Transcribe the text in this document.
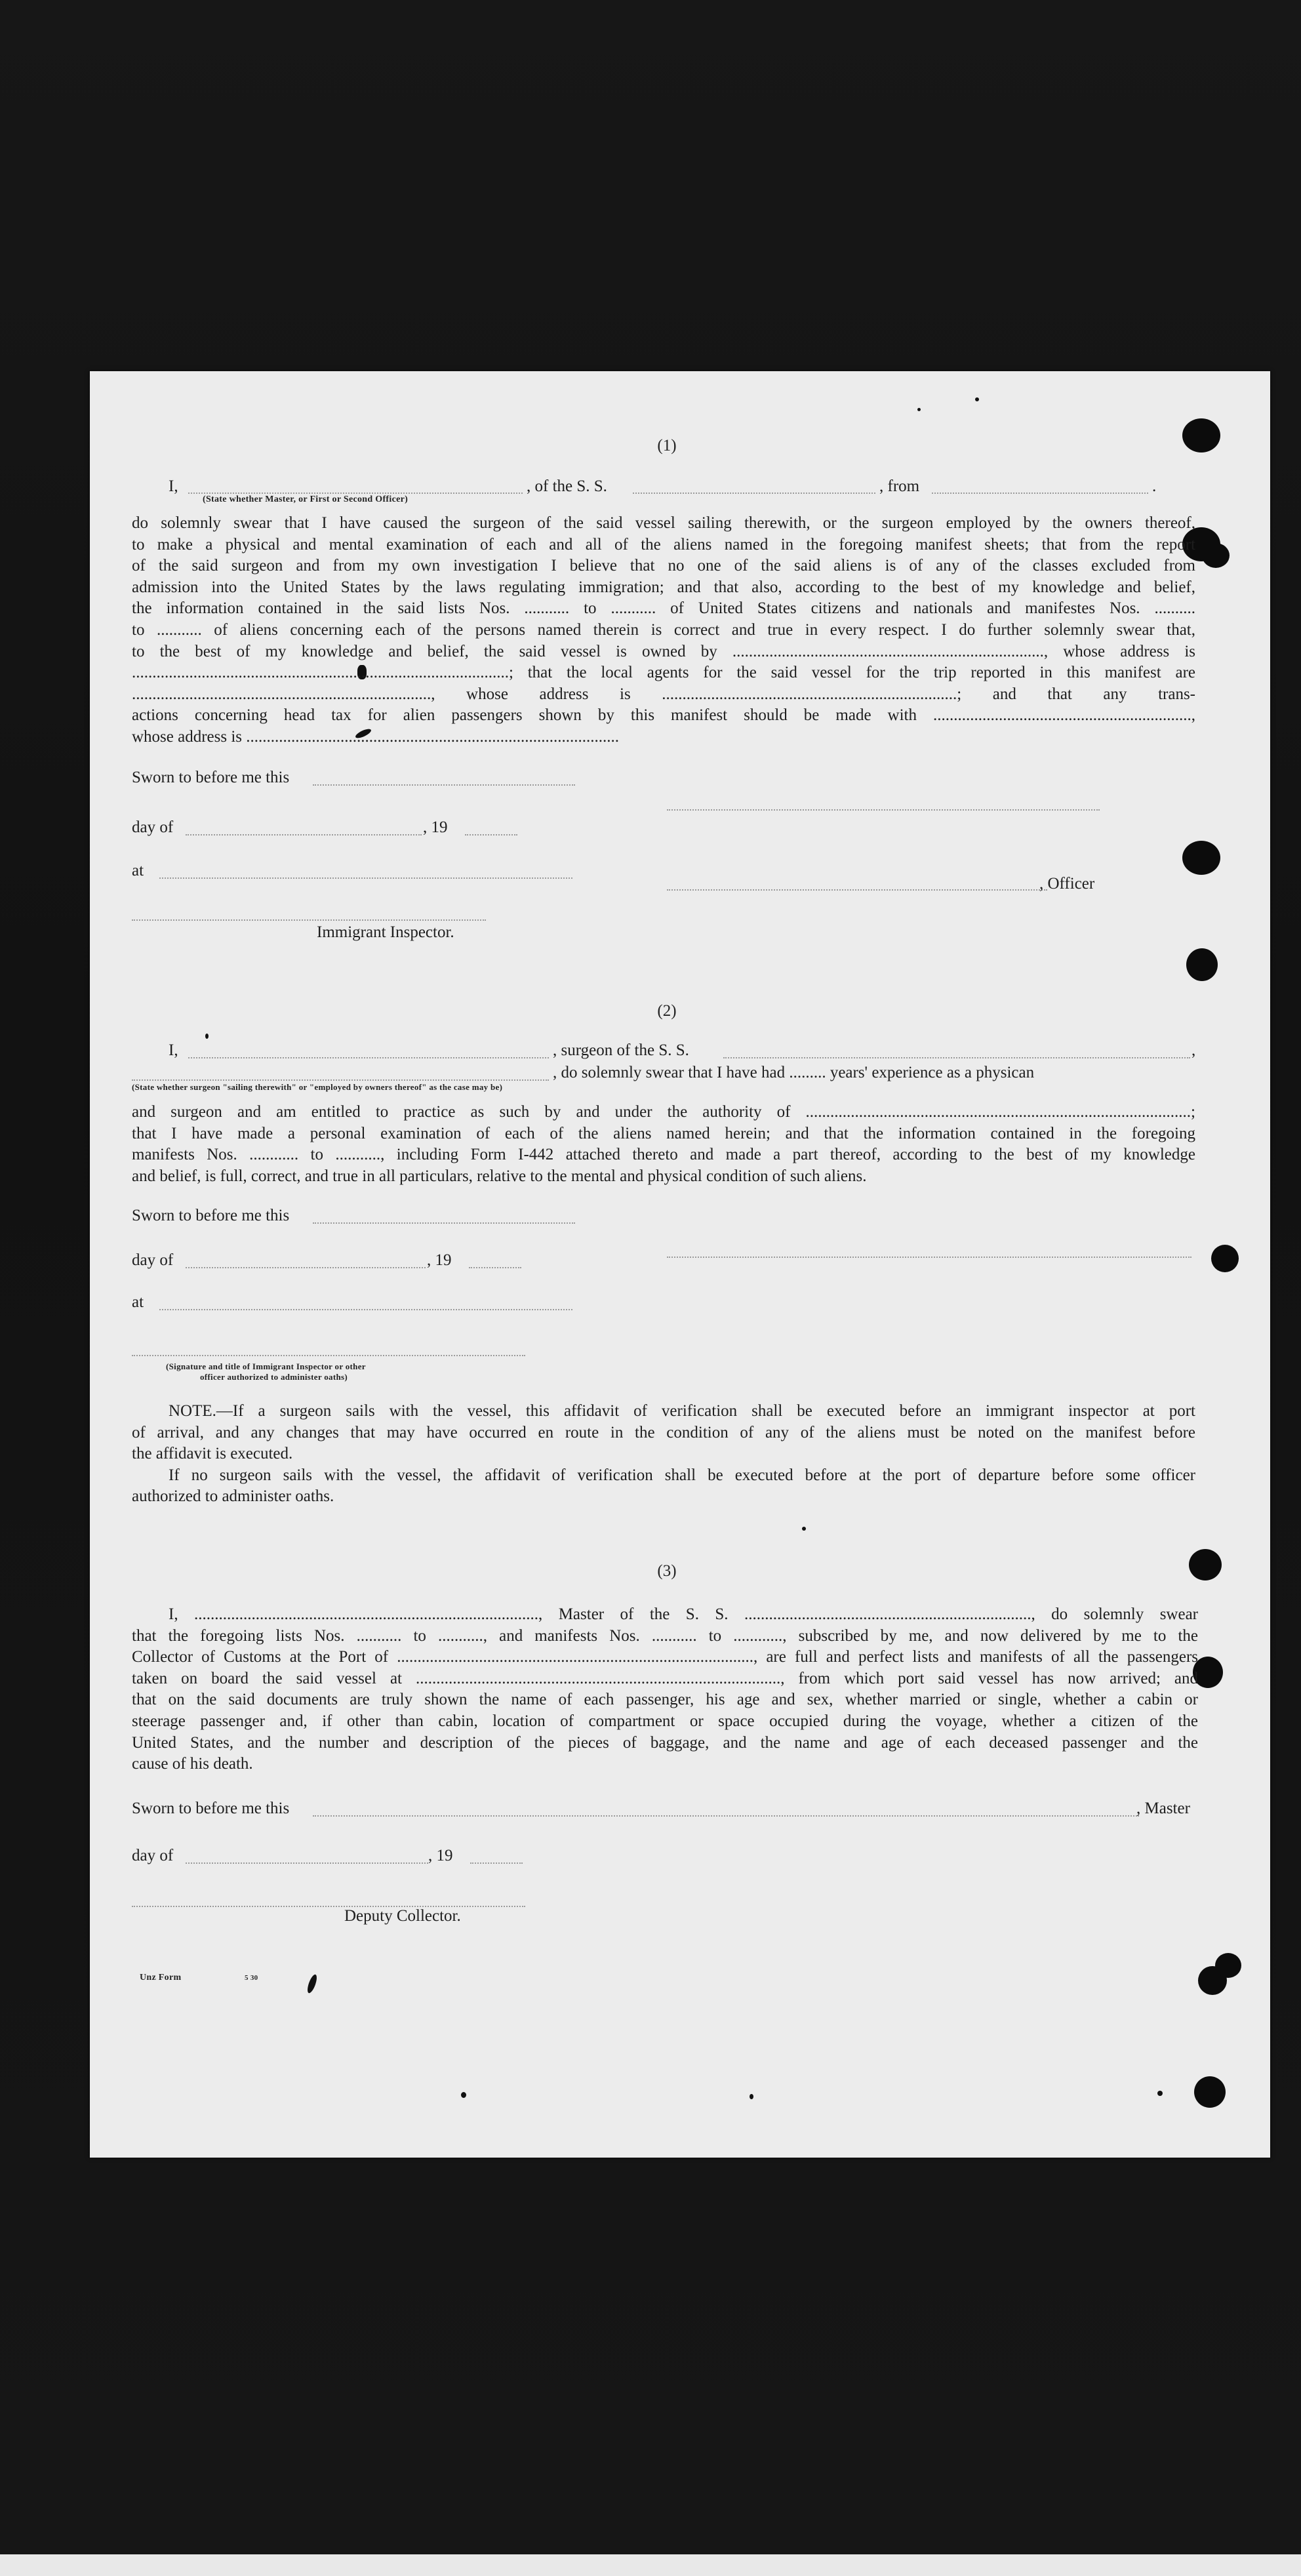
(1)
I,
(State whether Master, or First or Second Officer)
, of the S. S.	, from	.
do solemnly swear that I have caused the surgeon of the said vessel sailing therewith, or the surgeon employed by the owners thereof,
to make a physical and mental examination of each and all of the aliens named in the foregoing manifest sheets; that from the report
of the said surgeon and from my own investigation I believe that no one of the said aliens is of any of the classes excluded from
admission into the United States by the laws regulating immigration; and that also, according to the best of my knowledge and belief,
the information contained in the said lists Nos. ........... to ........... of United States citizens and nationals and manifestes Nos. ..........
to ........... of aliens concerning each of the persons named therein is correct and true in every respect. I do further solemnly swear that,
to the best of my knowledge and belief, the said vessel is owned by ............................................................................, whose address is
............................................................................................; that the local agents for the said vessel for the trip reported in this manifest are
........................................................................., whose address is ........................................................................; and that any trans-
actions concerning head tax for alien passengers shown by this manifest should be made with ...............................................................,
whose address is ...........................................................................................
Sworn to before me this
day of	, 19
at
, Officer
Immigrant Inspector.
(2)
I,	, surgeon of the S. S.	,
, do solemnly swear that I have had ......... years' experience as a physican
(State whether surgeon "sailing therewith" or "employed by owners thereof" as the case may be)
and surgeon and am entitled to practice as such by and under the authority of ..............................................................................................;
that I have made a personal examination of each of the aliens named herein; and that the information contained in the foregoing
manifests Nos. ............ to ..........., including Form I-442 attached thereto and made a part thereof, according to the best of my knowledge
and belief, is full, correct, and true in all particulars, relative to the mental and physical condition of such aliens.
Sworn to before me this
day of	, 19
at
(Signature and title of Immigrant Inspector or other
officer authorized to administer oaths)
NOTE.—If a surgeon sails with the vessel, this affidavit of verification shall be executed before an immigrant inspector at port
of arrival, and any changes that may have occurred en route in the condition of any of the aliens must be noted on the manifest before
the affidavit is executed.
If no surgeon sails with the vessel, the affidavit of verification shall be executed before at the port of departure before some officer
authorized to administer oaths.
(3)
I, ...................................................................................., Master of the S. S. ......................................................................, do solemnly swear
that the foregoing lists Nos. ........... to ..........., and manifests Nos. ........... to ............, subscribed by me, and now delivered by me to the
Collector of Customs at the Port of ......................................................................................., are full and perfect lists and manifests of all the passengers
taken on board the said vessel at ........................................................................................., from which port said vessel has now arrived; and
that on the said documents are truly shown the name of each passenger, his age and sex, whether married or single, whether a cabin or
steerage passenger and, if other than cabin, location of compartment or space occupied during the voyage, whether a citizen of the
United States, and the number and description of the pieces of baggage, and the name and age of each deceased passenger and the
cause of his death.
Sworn to before me this	, Master
day of	, 19
Deputy Collector.
Unz Form	5 30
